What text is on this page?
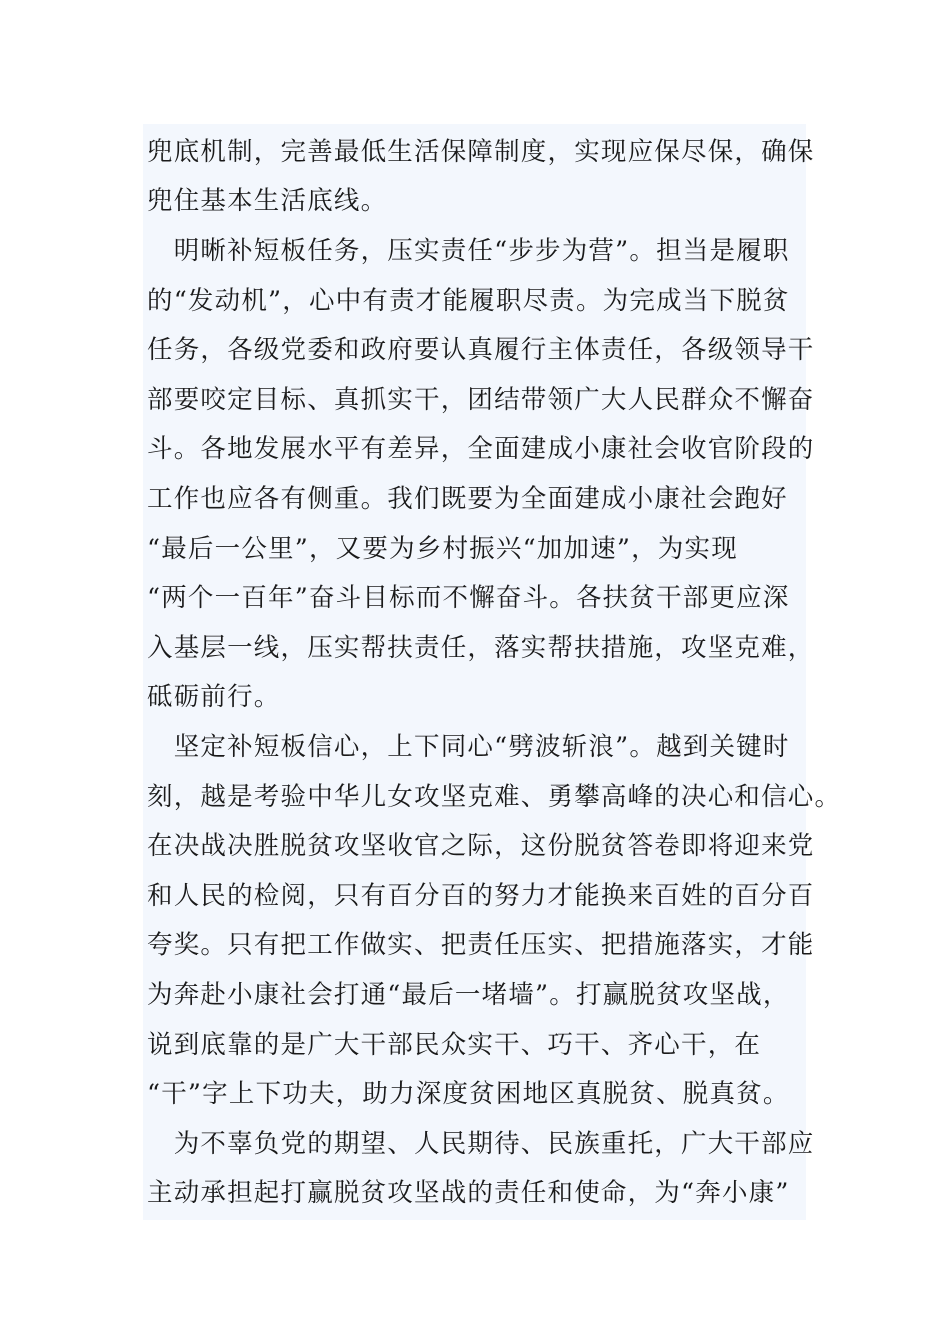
兜底机制，完善最低生活保障制度，实现应保尽保，确保
兜住基本生活底线。
　明晰补短板任务，压实责任“步步为营”。担当是履职
的“发动机”，心中有责才能履职尽责。为完成当下脱贫
任务，各级党委和政府要认真履行主体责任，各级领导干
部要咬定目标、真抓实干，团结带领广大人民群众不懈奋
斗。各地发展水平有差异，全面建成小康社会收官阶段的
工作也应各有侧重。我们既要为全面建成小康社会跑好
“最后一公里”，又要为乡村振兴“加加速”，为实现
“两个一百年”奋斗目标而不懈奋斗。各扶贫干部更应深
入基层一线，压实帮扶责任，落实帮扶措施，攻坚克难，
砥砺前行。
　坚定补短板信心，上下同心“劈波斩浪”。越到关键时
刻，越是考验中华儿女攻坚克难、勇攀高峰的决心和信心。
在决战决胜脱贫攻坚收官之际，这份脱贫答卷即将迎来党
和人民的检阅，只有百分百的努力才能换来百姓的百分百
夸奖。只有把工作做实、把责任压实、把措施落实，才能
为奔赴小康社会打通“最后一堵墙”。打赢脱贫攻坚战，
说到底靠的是广大干部民众实干、巧干、齐心干，在
“干”字上下功夫，助力深度贫困地区真脱贫、脱真贫。
　为不辜负党的期望、人民期待、民族重托，广大干部应
主动承担起打赢脱贫攻坚战的责任和使命，为“奔小康”
